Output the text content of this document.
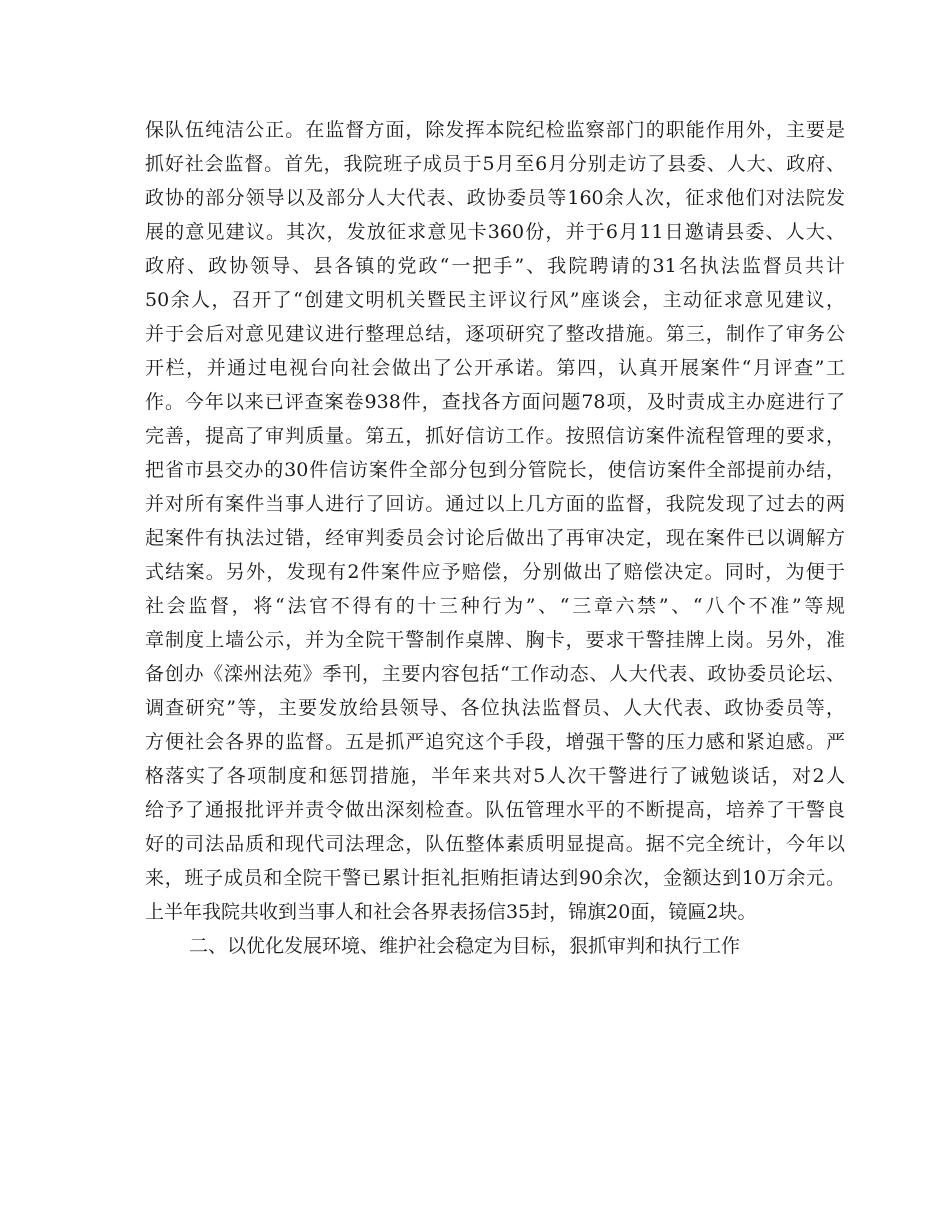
保队伍纯洁公正。在监督方面，除发挥本院纪检监察部门的职能作用外，主要是
抓好社会监督。首先，我院班子成员于5月至6月分别走访了县委、人大、政府、
政协的部分领导以及部分人大代表、政协委员等160余人次，征求他们对法院发
展的意见建议。其次，发放征求意见卡360份，并于6月11日邀请县委、人大、
政府、政协领导、县各镇的党政“一把手”、我院聘请的31名执法监督员共计
50余人，召开了“创建文明机关暨民主评议行风”座谈会，主动征求意见建议，
并于会后对意见建议进行整理总结，逐项研究了整改措施。第三，制作了审务公
开栏，并通过电视台向社会做出了公开承诺。第四，认真开展案件“月评查”工
作。今年以来已评查案卷938件，查找各方面问题78项，及时责成主办庭进行了
完善，提高了审判质量。第五，抓好信访工作。按照信访案件流程管理的要求，
把省市县交办的30件信访案件全部分包到分管院长，使信访案件全部提前办结，
并对所有案件当事人进行了回访。通过以上几方面的监督，我院发现了过去的两
起案件有执法过错，经审判委员会讨论后做出了再审决定，现在案件已以调解方
式结案。另外，发现有2件案件应予赔偿，分别做出了赔偿决定。同时，为便于
社会监督，将“法官不得有的十三种行为”、“三章六禁”、“八个不准”等规
章制度上墙公示，并为全院干警制作桌牌、胸卡，要求干警挂牌上岗。另外，准
备创办《滦州法苑》季刊，主要内容包括“工作动态、人大代表、政协委员论坛、
调查研究”等，主要发放给县领导、各位执法监督员、人大代表、政协委员等，
方便社会各界的监督。五是抓严追究这个手段，增强干警的压力感和紧迫感。严
格落实了各项制度和惩罚措施，半年来共对5人次干警进行了诫勉谈话，对2人
给予了通报批评并责令做出深刻检查。队伍管理水平的不断提高，培养了干警良
好的司法品质和现代司法理念，队伍整体素质明显提高。据不完全统计，今年以
来，班子成员和全院干警已累计拒礼拒贿拒请达到90余次，金额达到10万余元。
上半年我院共收到当事人和社会各界表扬信35封，锦旗20面，镜匾2块。
二、以优化发展环境、维护社会稳定为目标，狠抓审判和执行工作
